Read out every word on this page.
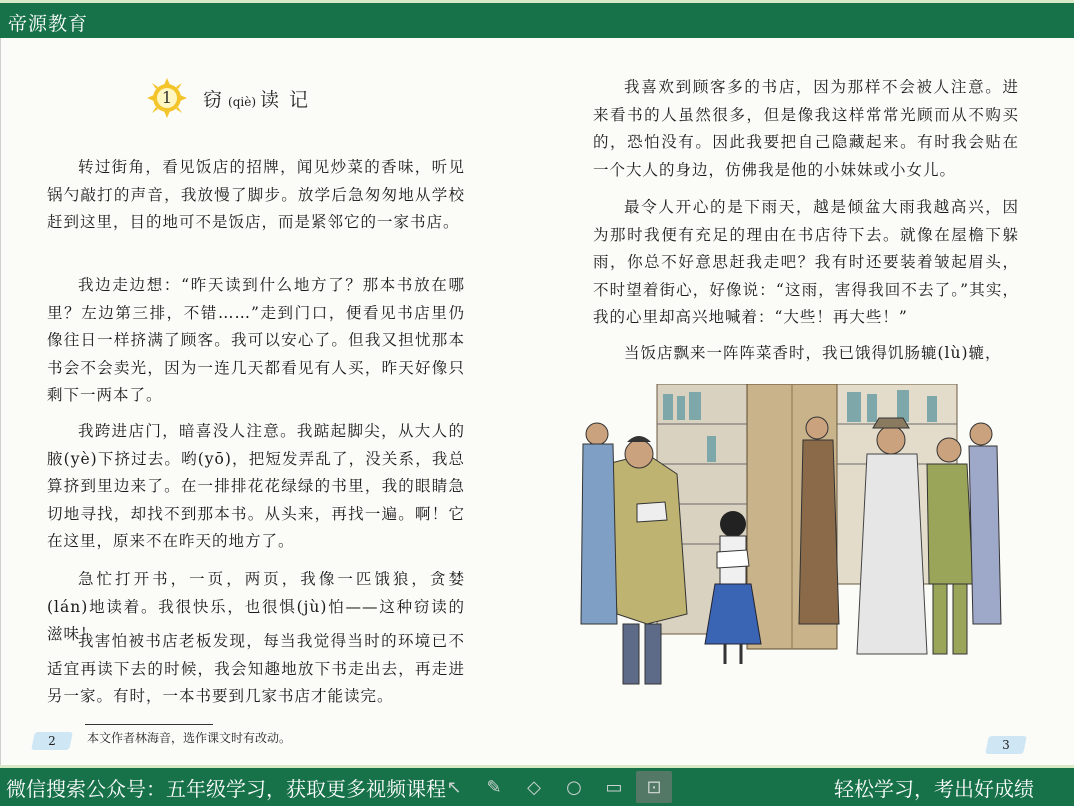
帝源教育
1	窃 (qiè) 读 记

转过街角，看见饭店的招牌，闻见炒菜的香味，听见锅勺敲打的声音，我放慢了脚步。放学后急匆匆地从学校赶到这里，目的地可不是饭店，而是紧邻它的一家书店。

我边走边想：“昨天读到什么地方了？那本书放在哪里？左边第三排，不错……”走到门口，便看见书店里仍像往日一样挤满了顾客。我可以安心了。但我又担忧那本书会不会卖光，因为一连几天都看见有人买，昨天好像只剩下一两本了。

我跨进店门，暗喜没人注意。我踮起脚尖，从大人的腋(yè)下挤过去。哟(yō)，把短发弄乱了，没关系，我总算挤到里边来了。在一排排花花绿绿的书里，我的眼睛急切地寻找，却找不到那本书。从头来，再找一遍。啊！它在这里，原来不在昨天的地方了。

急忙打开书，一页，两页，我像一匹饿狼，贪婪(lán)地读着。我很快乐，也很惧(jù)怕——这种窃读的滋味！

我害怕被书店老板发现，每当我觉得当时的环境已不适宜再读下去的时候，我会知趣地放下书走出去，再走进另一家。有时，一本书要到几家书店才能读完。

本文作者林海音，选作课文时有改动。
2

我喜欢到顾客多的书店，因为那样不会被人注意。进来看书的人虽然很多，但是像我这样常常光顾而从不购买的，恐怕没有。因此我要把自己隐藏起来。有时我会贴在一个大人的身边，仿佛我是他的小妹妹或小女儿。

最令人开心的是下雨天，越是倾盆大雨我越高兴，因为那时我便有充足的理由在书店待下去。就像在屋檐下躲雨，你总不好意思赶我走吧？我有时还要装着皱起眉头，不时望着街心，好像说：“这雨，害得我回不去了。”其实，我的心里却高兴地喊着：“大些！再大些！”

当饭店飘来一阵阵菜香时，我已饿得饥肠辘(lù)辘，

3
微信搜索公众号：五年级学习，获取更多视频课程 ↖	✎	◇	○	▭	⊡	轻松学习，考出好成绩
